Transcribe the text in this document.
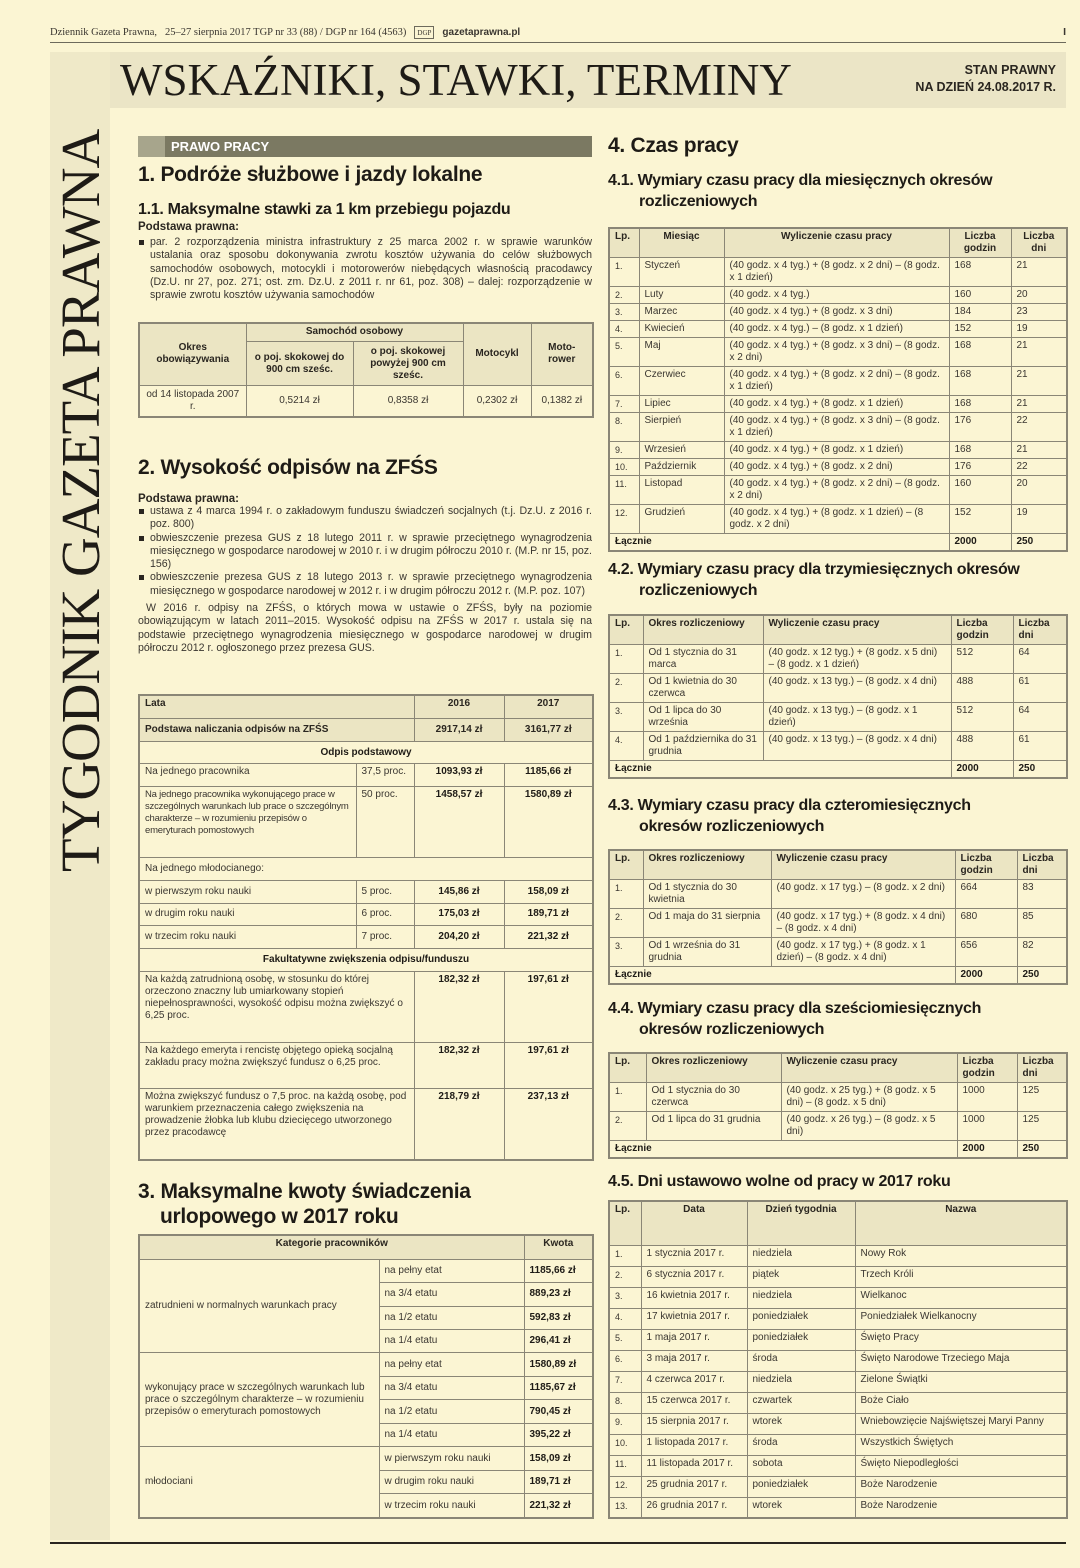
Dziennik Gazeta Prawna, 25–27 sierpnia 2017 TGP nr 33 (88) / DGP nr 164 (4563)	DGP	gazetaprawna.pl	I
TYGODNIK GAZETA PRAWNA
WSKAŹNIKI, STAWKI, TERMINY	STAN PRAWNY
NA DZIEŃ 24.08.2017 R.
PRAWO PRACY
1. Podróże służbowe i jazdy lokalne
1.1. Maksymalne stawki za 1 km przebiegu pojazdu
Podstawa prawna:
par. 2 rozporządzenia ministra infrastruktury z 25 marca 2002 r. w sprawie warunków ustalania oraz sposobu dokonywania zwrotu kosztów używania do celów służbowych samochodów osobowych, motocykli i motorowerów niebędących własnością pracodawcy (Dz.U. nr 27, poz. 271; ost. zm. Dz.U. z 2011 r. nr 61, poz. 308) – dalej: rozporządzenie w sprawie zwrotu kosztów używania samochodów
Okres obowiązywania	Samochód osobowy		Motocykl	Moto-rower
	o poj. skokowej do 900 cm sześc.	o poj. skokowej powyżej 900 cm sześc.		
od 14 listopada 2007 r.	0,5214 zł	0,8358 zł	0,2302 zł	0,1382 zł
2. Wysokość odpisów na ZFŚS
Podstawa prawna:
ustawa z 4 marca 1994 r. o zakładowym funduszu świadczeń socjalnych (t.j. Dz.U. z 2016 r. poz. 800)
obwieszczenie prezesa GUS z 18 lutego 2011 r. w sprawie przeciętnego wynagrodzenia miesięcznego w gospodarce narodowej w 2010 r. i w drugim półroczu 2010 r. (M.P. nr 15, poz. 156)
obwieszczenie prezesa GUS z 18 lutego 2013 r. w sprawie przeciętnego wynagrodzenia miesięcznego w gospodarce narodowej w 2012 r. i w drugim półroczu 2012 r. (M.P. poz. 107)
W 2016 r. odpisy na ZFŚS, o których mowa w ustawie o ZFŚS, były na poziomie obowiązującym w latach 2011–2015. Wysokość odpisu na ZFŚS w 2017 r. ustala się na podstawie przeciętnego wynagrodzenia miesięcznego w gospodarce narodowej w drugim półroczu 2012 r. ogłoszonego przez prezesa GUS.
Lata		2016	2017
Podstawa naliczania odpisów na ZFŚS		2917,14 zł	3161,77 zł
Odpis podstawowy			
Na jednego pracownika	37,5 proc.	1093,93 zł	1185,66 zł
Na jednego pracownika wykonującego prace w szczególnych warunkach lub prace o szczególnym charakterze – w rozumieniu przepisów o emeryturach pomostowych	50 proc.	1458,57 zł	1580,89 zł
Na jednego młodocianego:			
w pierwszym roku nauki	5 proc.	145,86 zł	158,09 zł
w drugim roku nauki	6 proc.	175,03 zł	189,71 zł
w trzecim roku nauki	7 proc.	204,20 zł	221,32 zł
Fakultatywne zwiększenia odpisu/funduszu			
Na każdą zatrudnioną osobę, w stosunku do której orzeczono znaczny lub umiarkowany stopień niepełnosprawności, wysokość odpisu można zwiększyć o 6,25 proc.		182,32 zł	197,61 zł
Na każdego emeryta i rencistę objętego opieką socjalną zakładu pracy można zwiększyć fundusz o 6,25 proc.		182,32 zł	197,61 zł
Można zwiększyć fundusz o 7,5 proc. na każdą osobę, pod warunkiem przeznaczenia całego zwiększenia na prowadzenie żłobka lub klubu dziecięcego utworzonego przez pracodawcę		218,79 zł	237,13 zł
3. Maksymalne kwoty świadczenia urlopowego w 2017 roku
Kategorie pracowników		Kwota
zatrudnieni w normalnych warunkach pracy	na pełny etat	1185,66 zł
	na 3/4 etatu	889,23 zł
	na 1/2 etatu	592,83 zł
	na 1/4 etatu	296,41 zł
wykonujący prace w szczególnych warunkach lub prace o szczególnym charakterze – w rozumieniu przepisów o emeryturach pomostowych	na pełny etat	1580,89 zł
	na 3/4 etatu	1185,67 zł
	na 1/2 etatu	790,45 zł
	na 1/4 etatu	395,22 zł
młodociani	w pierwszym roku nauki	158,09 zł
	w drugim roku nauki	189,71 zł
	w trzecim roku nauki	221,32 zł
4. Czas pracy
4.1. Wymiary czasu pracy dla miesięcznych okresów rozliczeniowych
Lp.	Miesiąc	Wyliczenie czasu pracy	Liczba godzin	Liczba dni
1.	Styczeń	(40 godz. x 4 tyg.) + (8 godz. x 2 dni) – (8 godz. x 1 dzień)	168	21
2.	Luty	(40 godz. x 4 tyg.)	160	20
3.	Marzec	(40 godz. x 4 tyg.) + (8 godz. x 3 dni)	184	23
4.	Kwiecień	(40 godz. x 4 tyg.) – (8 godz. x 1 dzień)	152	19
5.	Maj	(40 godz. x 4 tyg.) + (8 godz. x 3 dni) – (8 godz. x 2 dni)	168	21
6.	Czerwiec	(40 godz. x 4 tyg.) + (8 godz. x 2 dni) – (8 godz. x 1 dzień)	168	21
7.	Lipiec	(40 godz. x 4 tyg.) + (8 godz. x 1 dzień)	168	21
8.	Sierpień	(40 godz. x 4 tyg.) + (8 godz. x 3 dni) – (8 godz. x 1 dzień)	176	22
9.	Wrzesień	(40 godz. x 4 tyg.) + (8 godz. x 1 dzień)	168	21
10.	Październik	(40 godz. x 4 tyg.) + (8 godz. x 2 dni)	176	22
11.	Listopad	(40 godz. x 4 tyg.) + (8 godz. x 2 dni) – (8 godz. x 2 dni)	160	20
12.	Grudzień	(40 godz. x 4 tyg.) + (8 godz. x 1 dzień) – (8 godz. x 2 dni)	152	19
Łącznie			2000	250
4.2. Wymiary czasu pracy dla trzymiesięcznych okresów rozliczeniowych
Lp.	Okres rozliczeniowy	Wyliczenie czasu pracy	Liczba godzin	Liczba dni
1.	Od 1 stycznia do 31 marca	(40 godz. x 12 tyg.) + (8 godz. x 5 dni) – (8 godz. x 1 dzień)	512	64
2.	Od 1 kwietnia do 30 czerwca	(40 godz. x 13 tyg.) – (8 godz. x 4 dni)	488	61
3.	Od 1 lipca do 30 września	(40 godz. x 13 tyg.) – (8 godz. x 1 dzień)	512	64
4.	Od 1 października do 31 grudnia	(40 godz. x 13 tyg.) – (8 godz. x 4 dni)	488	61
Łącznie			2000	250
4.3. Wymiary czasu pracy dla czteromiesięcznych okresów rozliczeniowych
Lp.	Okres rozliczeniowy	Wyliczenie czasu pracy	Liczba godzin	Liczba dni
1.	Od 1 stycznia do 30 kwietnia	(40 godz. x 17 tyg.) – (8 godz. x 2 dni)	664	83
2.	Od 1 maja do 31 sierpnia	(40 godz. x 17 tyg.) + (8 godz. x 4 dni) – (8 godz. x 4 dni)	680	85
3.	Od 1 września do 31 grudnia	(40 godz. x 17 tyg.) + (8 godz. x 1 dzień) – (8 godz. x 4 dni)	656	82
Łącznie			2000	250
4.4. Wymiary czasu pracy dla sześciomiesięcznych okresów rozliczeniowych
Lp.	Okres rozliczeniowy	Wyliczenie czasu pracy	Liczba godzin	Liczba dni
1.	Od 1 stycznia do 30 czerwca	(40 godz. x 25 tyg.) + (8 godz. x 5 dni) – (8 godz. x 5 dni)	1000	125
2.	Od 1 lipca do 31 grudnia	(40 godz. x 26 tyg.) – (8 godz. x 5 dni)	1000	125
Łącznie			2000	250
4.5. Dni ustawowo wolne od pracy w 2017 roku
Lp.	Data	Dzień tygodnia	Nazwa
1.	1 stycznia 2017 r.	niedziela	Nowy Rok
2.	6 stycznia 2017 r.	piątek	Trzech Króli
3.	16 kwietnia 2017 r.	niedziela	Wielkanoc
4.	17 kwietnia 2017 r.	poniedziałek	Poniedziałek Wielkanocny
5.	1 maja 2017 r.	poniedziałek	Święto Pracy
6.	3 maja 2017 r.	środa	Święto Narodowe Trzeciego Maja
7.	4 czerwca 2017 r.	niedziela	Zielone Świątki
8.	15 czerwca 2017 r.	czwartek	Boże Ciało
9.	15 sierpnia 2017 r.	wtorek	Wniebowzięcie Najświętszej Maryi Panny
10.	1 listopada 2017 r.	środa	Wszystkich Świętych
11.	11 listopada 2017 r.	sobota	Święto Niepodległości
12.	25 grudnia 2017 r.	poniedziałek	Boże Narodzenie
13.	26 grudnia 2017 r.	wtorek	Boże Narodzenie
